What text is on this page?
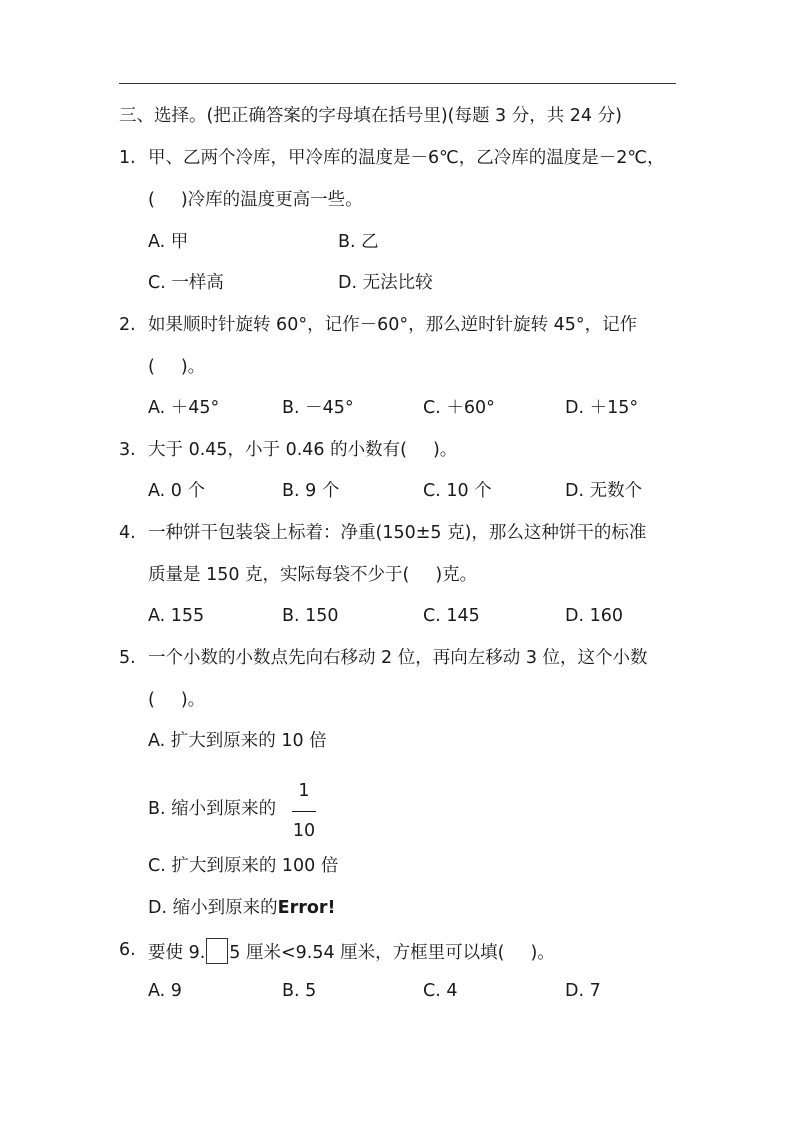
三、选择。(把正确答案的字母填在括号里)(每题 3 分，共 24 分)
1. 甲、乙两个冷库，甲冷库的温度是－6℃，乙冷库的温度是－2℃，
( )冷库的温度更高一些。
A. 甲	B. 乙
C. 一样高	D. 无法比较
2. 如果顺时针旋转 60°，记作－60°，那么逆时针旋转 45°，记作
( )。
A. ＋45°	B. －45°	C. ＋60°	D. ＋15°
3. 大于 0.45，小于 0.46 的小数有( )。
A. 0 个	B. 9 个	C. 10 个	D. 无数个
4. 一种饼干包装袋上标着：净重(150±5 克)，那么这种饼干的标准
质量是 150 克，实际每袋不少于( )克。
A. 155	B. 150	C. 145	D. 160
5. 一个小数的小数点先向右移动 2 位，再向左移动 3 位，这个小数
( )。
A. 扩大到原来的 10 倍
B. 缩小到原来的
1
10
C. 扩大到原来的 100 倍
D. 缩小到原来的Error!
6. 要使 9. 5 厘米<9.54 厘米，方框里可以填( )。
A. 9	B. 5	C. 4	D. 7
